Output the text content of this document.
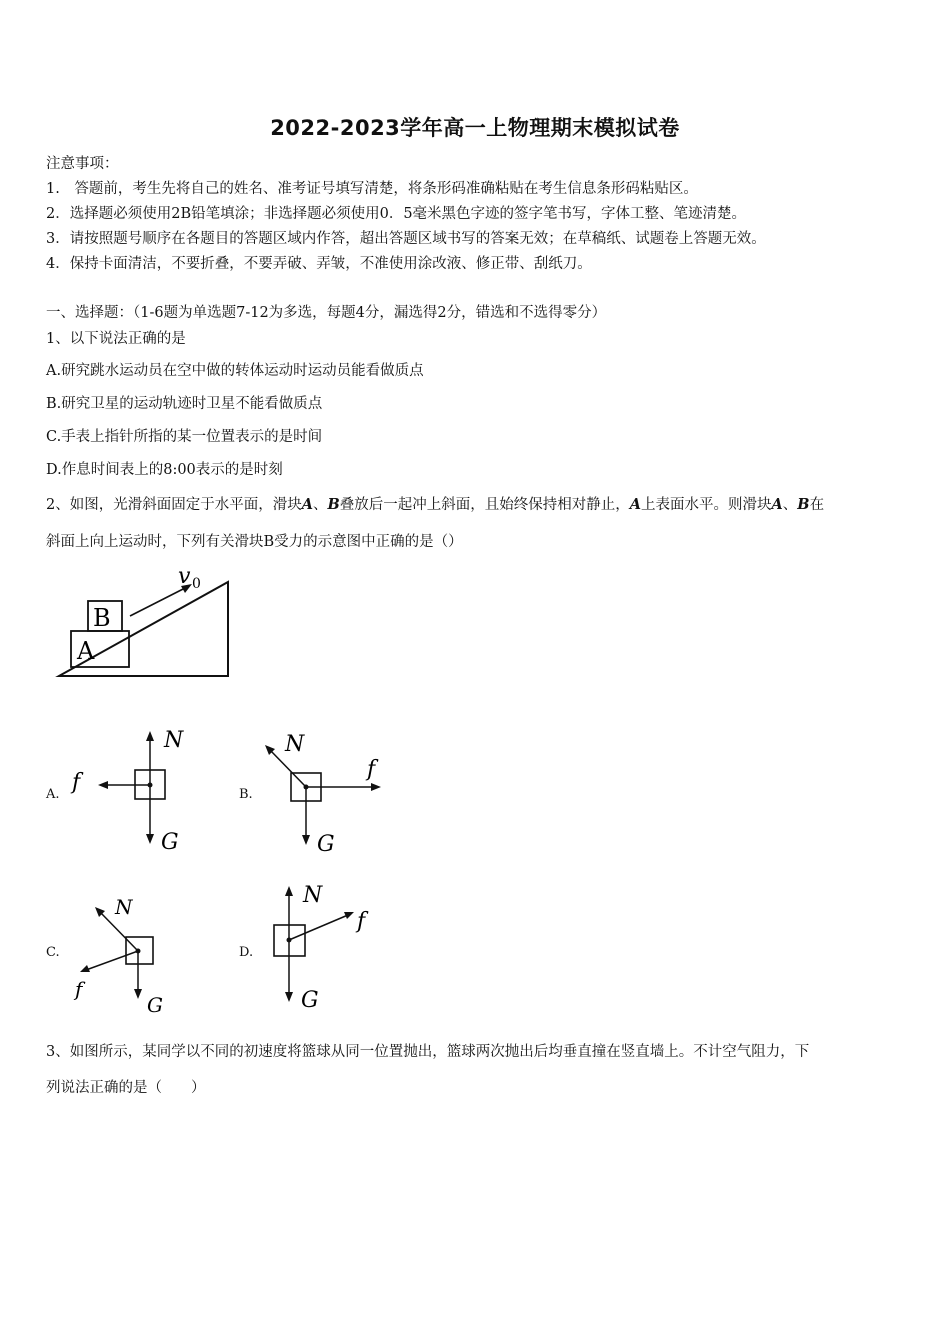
2022-2023学年高一上物理期末模拟试卷
注意事项：
1.　答题前，考生先将自己的姓名、准考证号填写清楚，将条形码准确粘贴在考生信息条形码粘贴区。
2．选择题必须使用2B铅笔填涂；非选择题必须使用0．5毫米黑色字迹的签字笔书写，字体工整、笔迹清楚。
3．请按照题号顺序在各题目的答题区域内作答，超出答题区域书写的答案无效；在草稿纸、试题卷上答题无效。
4．保持卡面清洁，不要折叠，不要弄破、弄皱，不准使用涂改液、修正带、刮纸刀。
一、选择题：（1-6题为单选题7-12为多选，每题4分，漏选得2分，错选和不选得零分）
1、以下说法正确的是
A.研究跳水运动员在空中做的转体运动时运动员能看做质点
B.研究卫星的运动轨迹时卫星不能看做质点
C.手表上指针所指的某一位置表示的是时间
D.作息时间表上的8:00表示的是时刻
2、如图，光滑斜面固定于水平面，滑块A、B叠放后一起冲上斜面，且始终保持相对静止，A上表面水平。则滑块A、B在
斜面上向上运动时，下列有关滑块B受力的示意图中正确的是（）
A
B
v 0
A.
N
G
f	B.
N
f
G
C.
N
f
G
D.
N
f
G
3、如图所示，某同学以不同的初速度将篮球从同一位置抛出，篮球两次抛出后均垂直撞在竖直墙上。不计空气阻力，下
列说法正确的是（　　）
